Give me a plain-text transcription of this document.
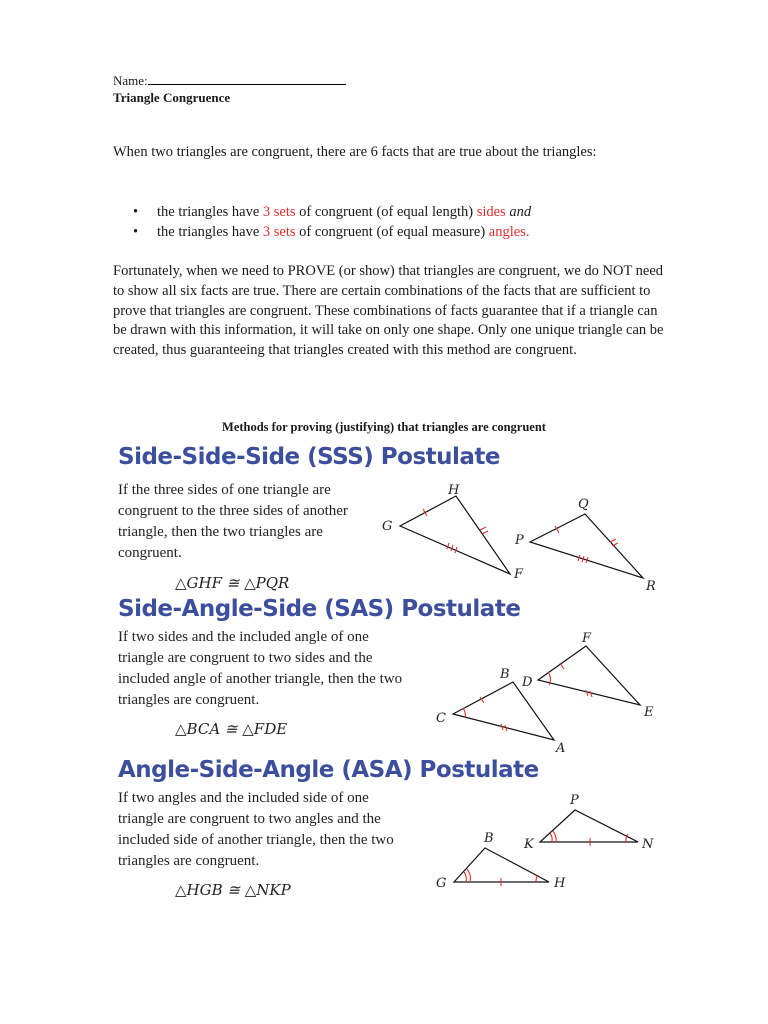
Name:
Triangle Congruence
When two triangles are congruent, there are 6 facts that are true about the triangles:
• the triangles have 3 sets of congruent (of equal length) sides and
• the triangles have 3 sets of congruent (of equal measure) angles.
Fortunately, when we need to PROVE (or show) that triangles are congruent, we do NOT need to show all six facts are true. There are certain combinations of the facts that are sufficient to prove that triangles are congruent. These combinations of facts guarantee that if a triangle can be drawn with this information, it will take on only one shape. Only one unique triangle can be created, thus guaranteeing that triangles created with this method are congruent.
Methods for proving (justifying) that triangles are congruent
Side-Side-Side (SSS) Postulate
If the three sides of one triangle are congruent to the three sides of another triangle, then the two triangles are congruent.
△GHF ≅ △PQR
H
G
F
Q
P
R
Side-Angle-Side (SAS) Postulate
If two sides and the included angle of one triangle are congruent to two sides and the included angle of another triangle, then the two triangles are congruent.
△BCA ≅ △FDE
F
B
D
E
C
A
Angle-Side-Angle (ASA) Postulate
If two angles and the included side of one triangle are congruent to two angles and the included side of another triangle, then the two triangles are congruent.
△HGB ≅ △NKP
P
B K	N
G	H
